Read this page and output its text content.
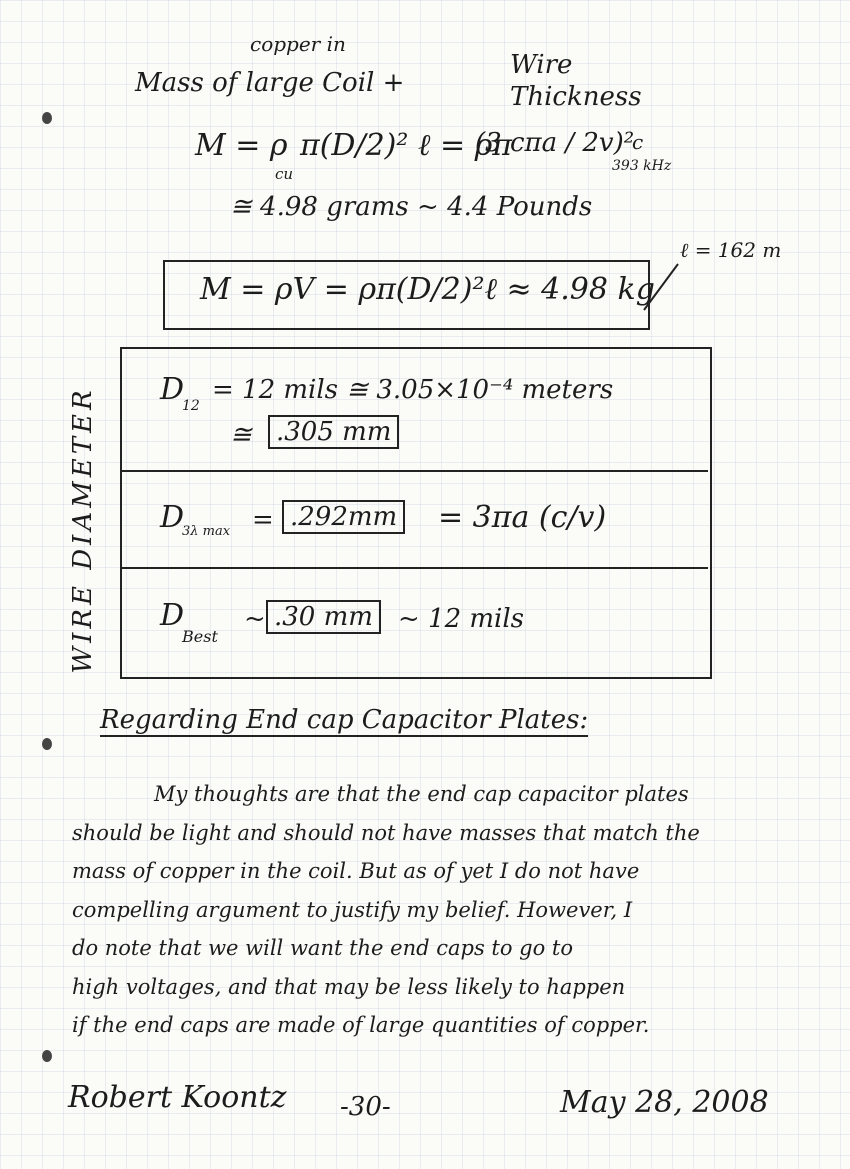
copper in
Mass of large Coil +
Wire
Thickness
M = ρ
cu
π(D/2)² ℓ = ρπ
(3 cπa / 2v)²
c
393 kHz
≅ 4.98 grams ~ 4.4 Pounds
M = ρV = ρπ(D/2)²ℓ ≈ 4.98 kg
ℓ = 162 m
WIRE DIAMETER	D
12
= 12 mils ≅ 3.05×10⁻⁴ meters
≅ .305 mm
D
3λ max = .292mm = 3πa (c/v)
D
Best
~ .30 mm ~ 12 mils
Regarding End cap Capacitor Plates:
My thoughts are that the end cap capacitor plates
should be light and should not have masses that match the
mass of copper in the coil. But as of yet I do not have
compelling argument to justify my belief. However, I
do note that we will want the end caps to go to
high voltages, and that may be less likely to happen
if the end caps are made of large quantities of copper.
Robert Koontz -30-	May 28, 2008
